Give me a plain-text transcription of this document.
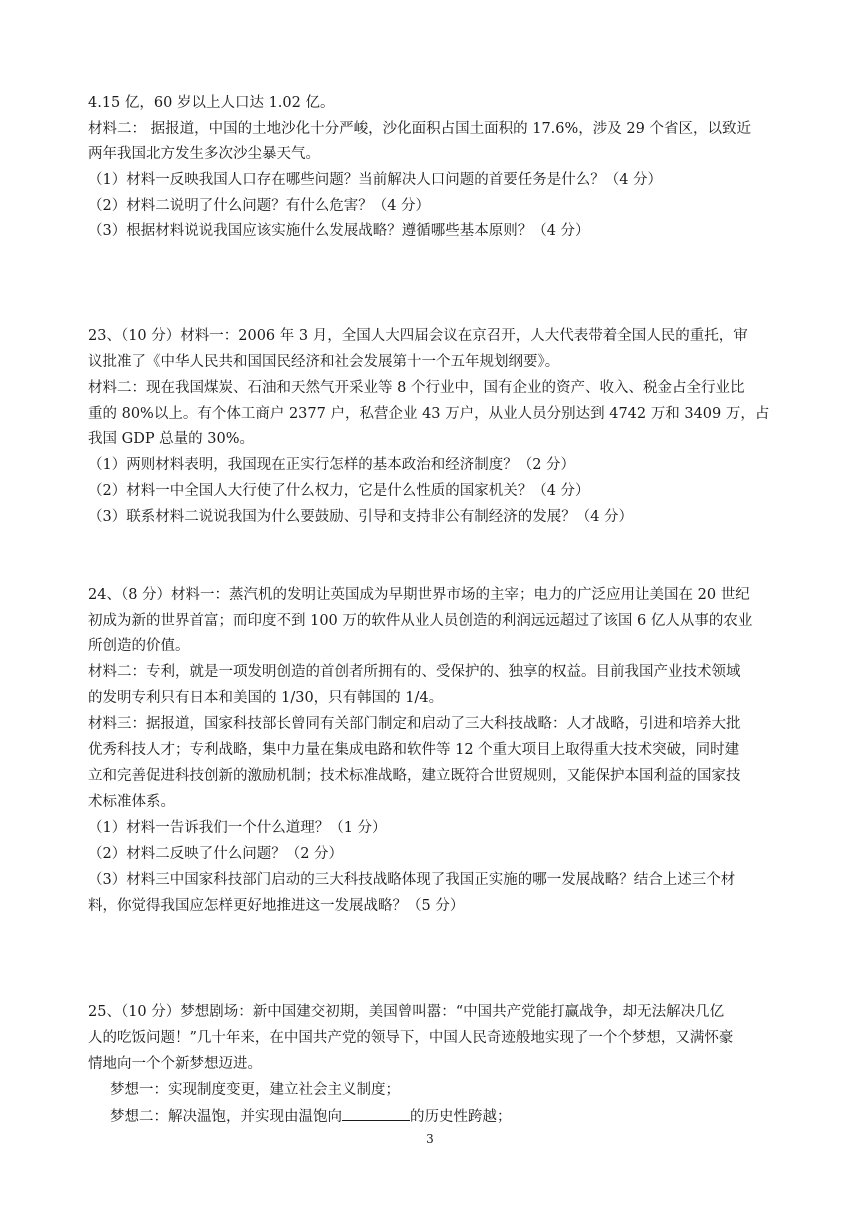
4.15 亿，60 岁以上人口达 1.02 亿。
材料二： 据报道，中国的土地沙化十分严峻，沙化面积占国土面积的 17.6%，涉及 29 个省区，以致近
两年我国北方发生多次沙尘暴天气。
（1）材料一反映我国人口存在哪些问题？当前解决人口问题的首要任务是什么？（4 分）
（2）材料二说明了什么问题？有什么危害？（4 分）
（3）根据材料说说我国应该实施什么发展战略？遵循哪些基本原则？（4 分）
23、（10 分）材料一：2006 年 3 月，全国人大四届会议在京召开，人大代表带着全国人民的重托，审
议批准了《中华人民共和国国民经济和社会发展第十一个五年规划纲要》。
材料二：现在我国煤炭、石油和天然气开采业等 8 个行业中，国有企业的资产、收入、税金占全行业比
重的 80%以上。有个体工商户 2377 户，私营企业 43 万户，从业人员分别达到 4742 万和 3409 万，占
我国 GDP 总量的 30%。
（1）两则材料表明，我国现在正实行怎样的基本政治和经济制度？（2 分）
（2）材料一中全国人大行使了什么权力，它是什么性质的国家机关？（4 分）
（3）联系材料二说说我国为什么要鼓励、引导和支持非公有制经济的发展？（4 分）
24、（8 分）材料一：蒸汽机的发明让英国成为早期世界市场的主宰；电力的广泛应用让美国在 20 世纪
初成为新的世界首富；而印度不到 100 万的软件从业人员创造的利润远远超过了该国 6 亿人从事的农业
所创造的价值。
材料二：专利，就是一项发明创造的首创者所拥有的、受保护的、独享的权益。目前我国产业技术领域
的发明专利只有日本和美国的 1/30，只有韩国的 1/4。
材料三：据报道，国家科技部长曾同有关部门制定和启动了三大科技战略：人才战略，引进和培养大批
优秀科技人才；专利战略，集中力量在集成电路和软件等 12 个重大项目上取得重大技术突破，同时建
立和完善促进科技创新的激励机制；技术标准战略，建立既符合世贸规则，又能保护本国利益的国家技
术标准体系。
（1）材料一告诉我们一个什么道理？（1 分）
（2）材料二反映了什么问题？（2 分）
（3）材料三中国家科技部门启动的三大科技战略体现了我国正实施的哪一发展战略？结合上述三个材
料，你觉得我国应怎样更好地推进这一发展战略？（5 分）
25、（10 分）梦想剧场：新中国建交初期，美国曾叫嚣：“中国共产党能打赢战争，却无法解决几亿
人的吃饭问题！”几十年来，在中国共产党的领导下，中国人民奇迹般地实现了一个个梦想，又满怀豪
情地向一个个新梦想迈进。
梦想一：实现制度变更，建立社会主义制度；
梦想二：解决温饱，并实现由温饱向	的历史性跨越；
3
